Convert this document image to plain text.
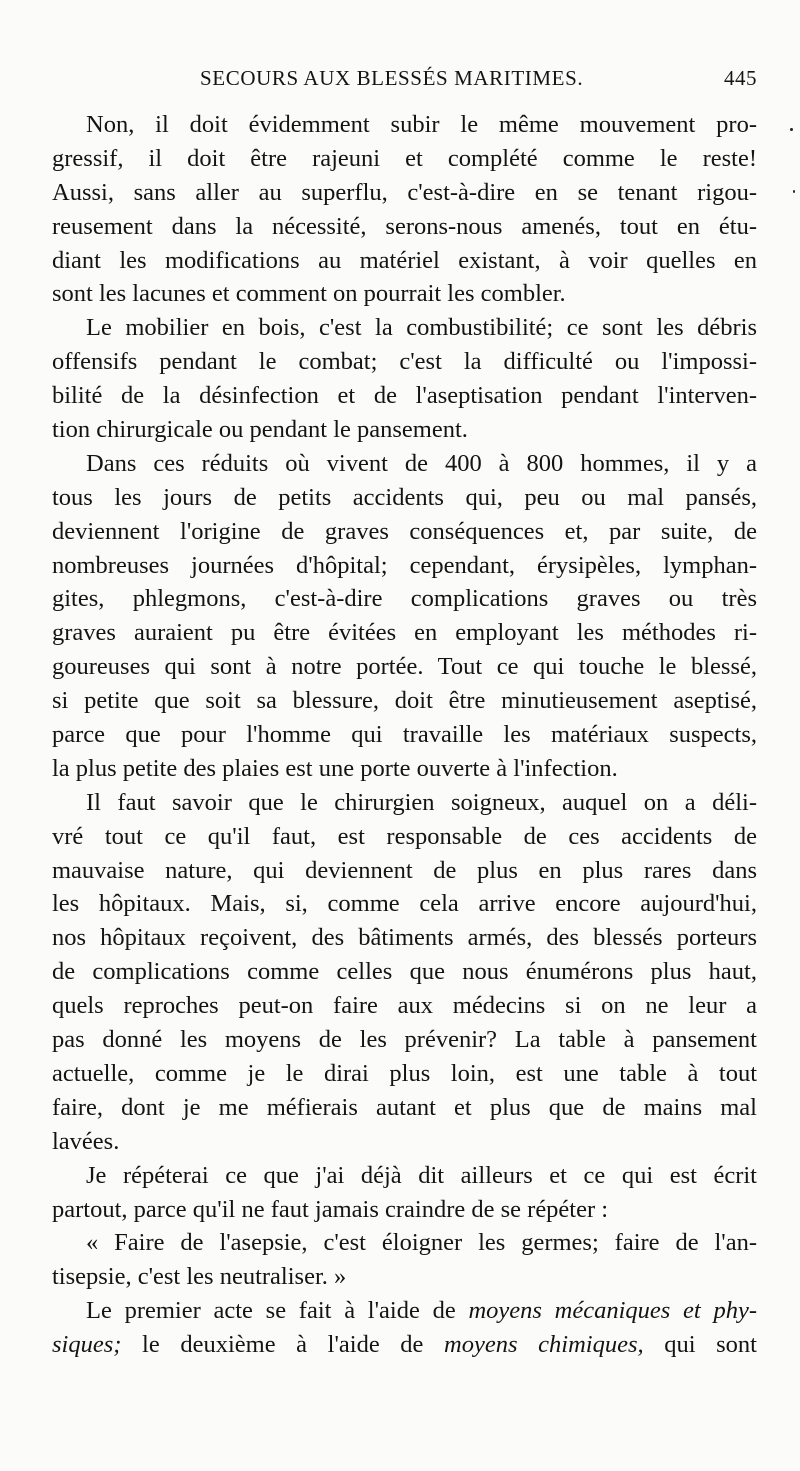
SECOURS AUX BLESSÉS MARITIMES.	445
Non, il doit évidemment subir le même mouvement pro-
gressif, il doit être rajeuni et complété comme le reste!
Aussi, sans aller au superflu, c'est-à-dire en se tenant rigou-
reusement dans la nécessité, serons-nous amenés, tout en étu-
diant les modifications au matériel existant, à voir quelles en
sont les lacunes et comment on pourrait les combler.
Le mobilier en bois, c'est la combustibilité; ce sont les débris
offensifs pendant le combat; c'est la difficulté ou l'impossi-
bilité de la désinfection et de l'aseptisation pendant l'interven-
tion chirurgicale ou pendant le pansement.
Dans ces réduits où vivent de 400 à 800 hommes, il y a
tous les jours de petits accidents qui, peu ou mal pansés,
deviennent l'origine de graves conséquences et, par suite, de
nombreuses journées d'hôpital; cependant, érysipèles, lymphan-
gites, phlegmons, c'est-à-dire complications graves ou très
graves auraient pu être évitées en employant les méthodes ri-
goureuses qui sont à notre portée. Tout ce qui touche le blessé,
si petite que soit sa blessure, doit être minutieusement aseptisé,
parce que pour l'homme qui travaille les matériaux suspects,
la plus petite des plaies est une porte ouverte à l'infection.
Il faut savoir que le chirurgien soigneux, auquel on a déli-
vré tout ce qu'il faut, est responsable de ces accidents de
mauvaise nature, qui deviennent de plus en plus rares dans
les hôpitaux. Mais, si, comme cela arrive encore aujourd'hui,
nos hôpitaux reçoivent, des bâtiments armés, des blessés porteurs
de complications comme celles que nous énumérons plus haut,
quels reproches peut-on faire aux médecins si on ne leur a
pas donné les moyens de les prévenir? La table à pansement
actuelle, comme je le dirai plus loin, est une table à tout
faire, dont je me méfierais autant et plus que de mains mal
lavées.
Je répéterai ce que j'ai déjà dit ailleurs et ce qui est écrit
partout, parce qu'il ne faut jamais craindre de se répéter :
« Faire de l'asepsie, c'est éloigner les germes; faire de l'an-
tisepsie, c'est les neutraliser. »
Le premier acte se fait à l'aide de moyens mécaniques et phy-
siques; le deuxième à l'aide de moyens chimiques, qui sont
